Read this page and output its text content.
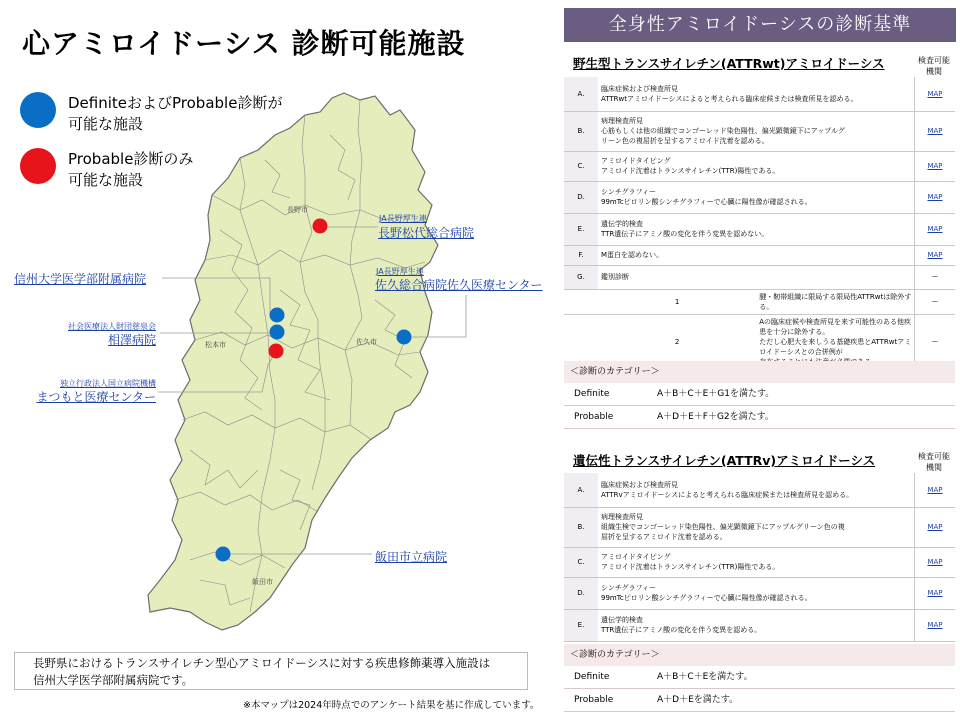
心アミロイドーシス 診断可能施設
DefiniteおよびProbable診断が
可能な施設
Probable診断のみ
可能な施設
長野市
松本市	佐久市
飯田市
JA長野厚生連
長野松代総合病院
JA長野厚生連
佐久総合病院佐久医療センター
信州大学医学部附属病院
社会医療法人財団慈泉会
相澤病院
独立行政法人国立病院機構
まつもと医療センター
飯田市立病院
長野県におけるトランスサイレチン型心アミロイドーシスに対する疾患修飾薬導入施設は
信州大学医学部附属病院です。
※本マップは2024年時点でのアンケート結果を基に作成しています。
全身性アミロイドーシスの診断基準
野生型トランスサイレチン(ATTRwt)アミロイドーシス	検査可能
機関
A.	臨床症候および検査所見
ATTRwtアミロイドーシスによると考えられる臨床症候または検査所見を認める。		MAP
B.	病理検査所見
心筋もしくは他の組織でコンゴーレッド染色陽性、偏光顕微鏡下にアップルグ
リーン色の複屈折を呈するアミロイド沈着を認める。		MAP
C.	アミロイドタイピング
アミロイド沈着はトランスサイレチン(TTR)陽性である。		MAP
D.	シンチグラフィー
99mTcピロリン酸シンチグラフィーで心臓に陽性像が確認される。		MAP
E.	遺伝学的検査
TTR遺伝子にアミノ酸の変化を伴う変異を認めない。		MAP
F.	M蛋白を認めない。		MAP
G.	鑑別診断		ー
	1	腱・靭帯組織に限局する限局性ATTRwtは除外する。	ー
	2	Aの臨床症候や検査所見を来す可能性のある他疾患を十分に除外する。
ただし心肥大を来しうる基礎疾患とATTRwtアミロイドーシスとの合併例が	ー
＜診断のカテゴリー＞
Definite	A＋B＋C＋E＋G1を満たす。
Probable	A＋D＋E＋F＋G2を満たす。
遺伝性トランスサイレチン(ATTRv)アミロイドーシス	検査可能
機関
A.	臨床症候および検査所見
ATTRvアミロイドーシスによると考えられる臨床症候または検査所見を認める。	MAP
B.	病理検査所見
組織生検でコンゴーレッド染色陽性、偏光顕微鏡下にアップルグリーン色の複
屈折を呈するアミロイド沈着を認める。	MAP
C.	アミロイドタイピング
アミロイド沈着はトランスサイレチン(TTR)陽性である。	MAP
D.	シンチグラフィー
99mTcピロリン酸シンチグラフィーで心臓に陽性像が確認される。	MAP
E.	遺伝学的検査
TTR遺伝子にアミノ酸の変化を伴う変異を認める。	MAP
＜診断のカテゴリー＞
Definite	A＋B＋C＋Eを満たす。
Probable	A＋D＋Eを満たす。
